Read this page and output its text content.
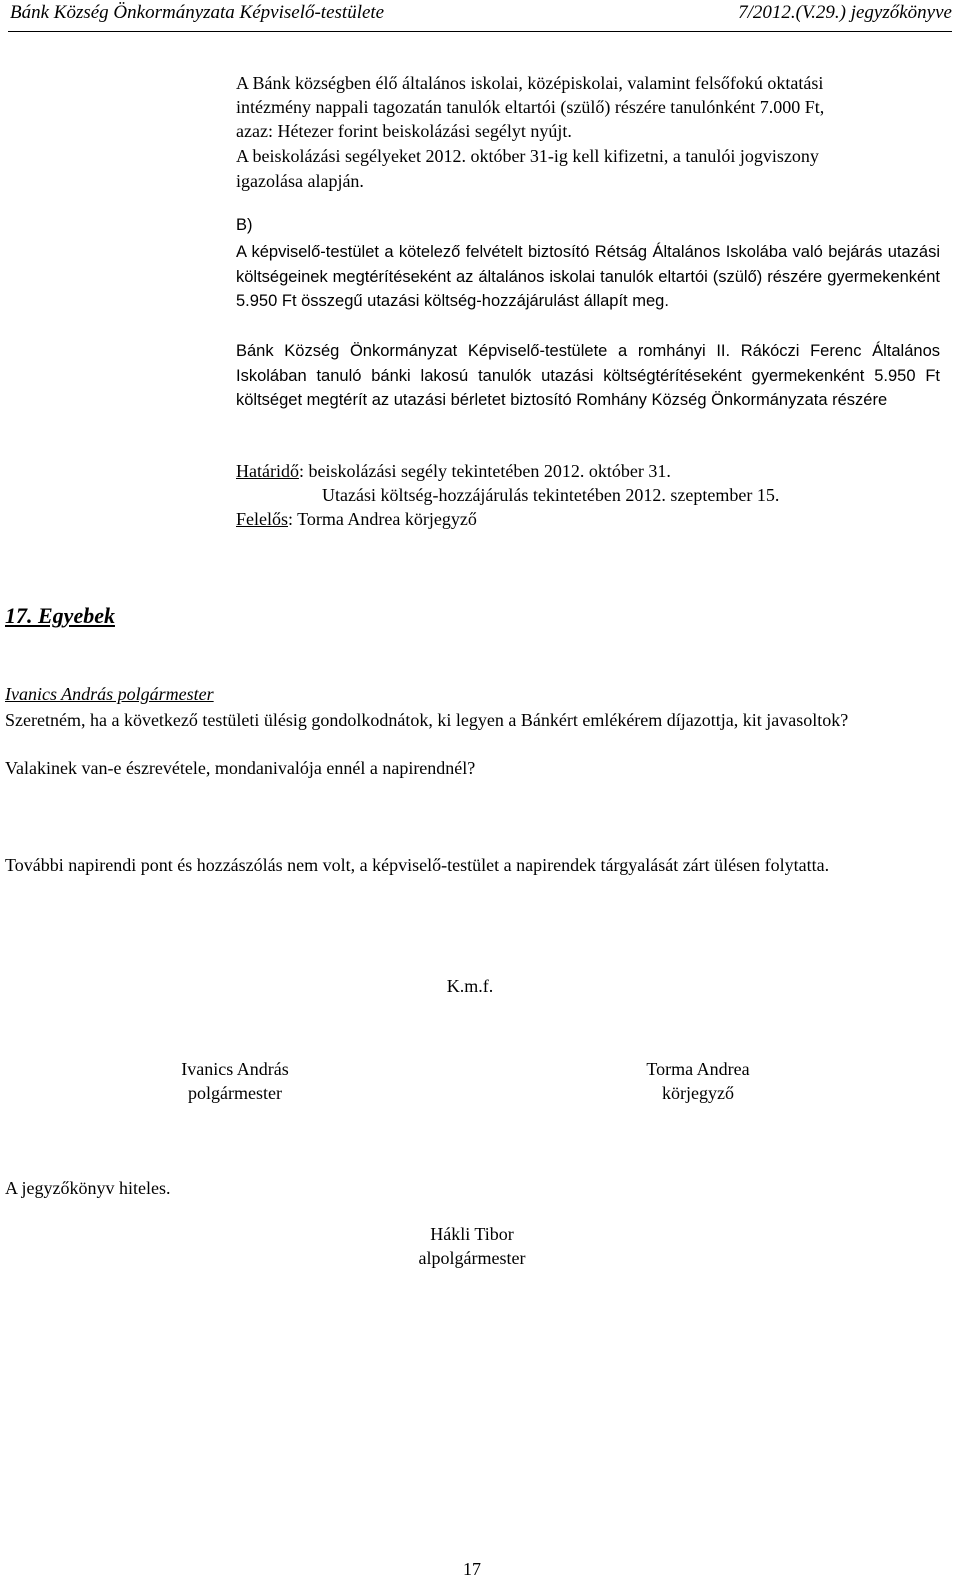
Bánk Község Önkormányzata Képviselő-testülete	7/2012.(V.29.) jegyzőkönyve
A Bánk községben élő általános iskolai, középiskolai, valamint felsőfokú oktatási
intézmény nappali tagozatán tanulók eltartói (szülő) részére tanulónként 7.000 Ft,
azaz: Hétezer forint beiskolázási segélyt nyújt.
A beiskolázási segélyeket 2012. október 31-ig kell kifizetni, a tanulói jogviszony
igazolása alapján.
B)

A képviselő-testület a kötelező felvételt biztosító Rétság Általános Iskolába való bejárás utazási költségeinek megtérítéseként az általános iskolai tanulók eltartói (szülő) részére gyermekenként 5.950 Ft összegű utazási költség-hozzájárulást állapít meg.

Bánk Község Önkormányzat Képviselő-testülete a romhányi II. Rákóczi Ferenc Általános Iskolában tanuló bánki lakosú tanulók utazási költségtérítéseként gyermekenként 5.950 Ft költséget megtérít az utazási bérletet biztosító Romhány Község Önkormányzata részére

Határidő: beiskolázási segély tekintetében 2012. október 31.
Utazási költség-hozzájárulás tekintetében 2012. szeptember 15.
Felelős: Torma Andrea körjegyző
17. Egyebek
Ivanics András polgármester

Szeretném, ha a következő testületi ülésig gondolkodnátok, ki legyen a Bánkért emlékérem díjazottja, kit javasoltok?

Valakinek van-e észrevétele, mondanivalója ennél a napirendnél?
További napirendi pont és hozzászólás nem volt, a képviselő-testület a napirendek tárgyalását zárt ülésen folytatta.
K.m.f.
Ivanics András
polgármester
Torma Andrea
körjegyző
A jegyzőkönyv hiteles.
Hákli Tibor
alpolgármester
17
